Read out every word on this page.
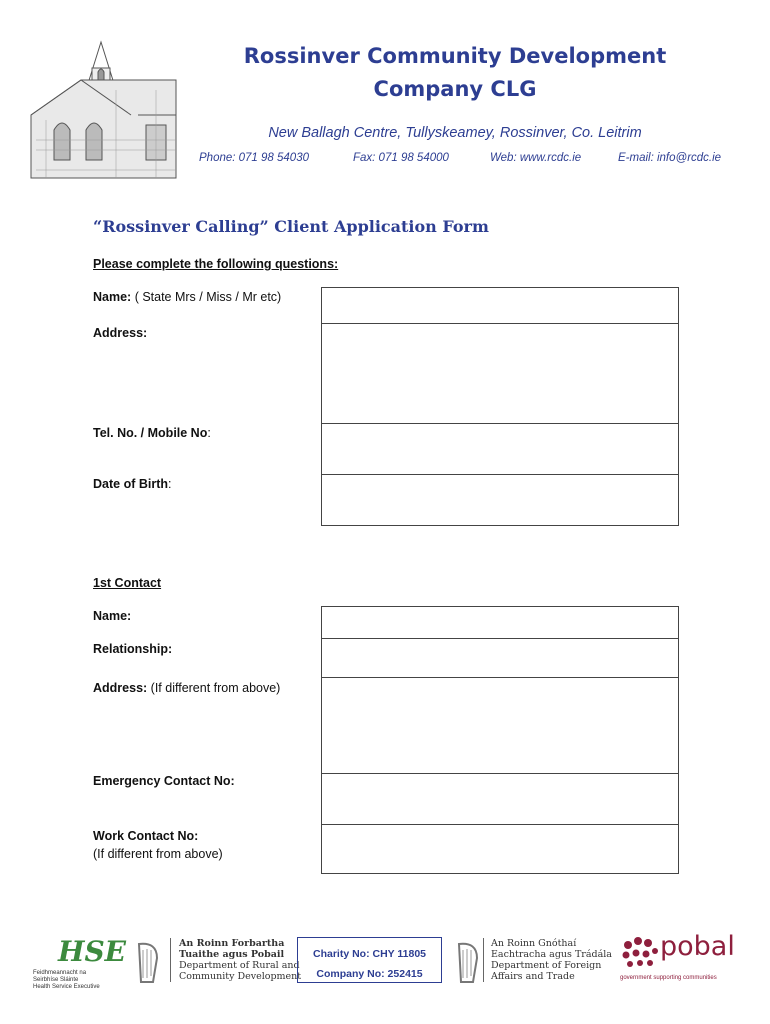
Rossinver Community Development
Company CLG
New Ballagh Centre, Tullyskeamey, Rossinver, Co. Leitrim
Phone: 071 98 54030	Fax: 071 98 54000	Web: www.rcdc.ie	E-mail: info@rcdc.ie
“Rossinver Calling” Client Application Form
Please complete the following questions:
Name: ( State Mrs / Miss / Mr etc)
Address:
Tel. No. / Mobile No:
Date of Birth:
1st Contact
Name:
Relationship:
Address: (If different from above)
Emergency Contact No:
Work Contact No:
(If different from above)
HSE
Feidhmeannacht na Seirbhíse Sláinte
Health Service Executive
An Roinn Forbartha
Tuaithe agus Pobail
Department of Rural and
Community Development
Charity No: CHY 11805
Company No: 252415
An Roinn Gnóthaí
Eachtracha agus Trádála
Department of Foreign
Affairs and Trade
pobal
government supporting communities
